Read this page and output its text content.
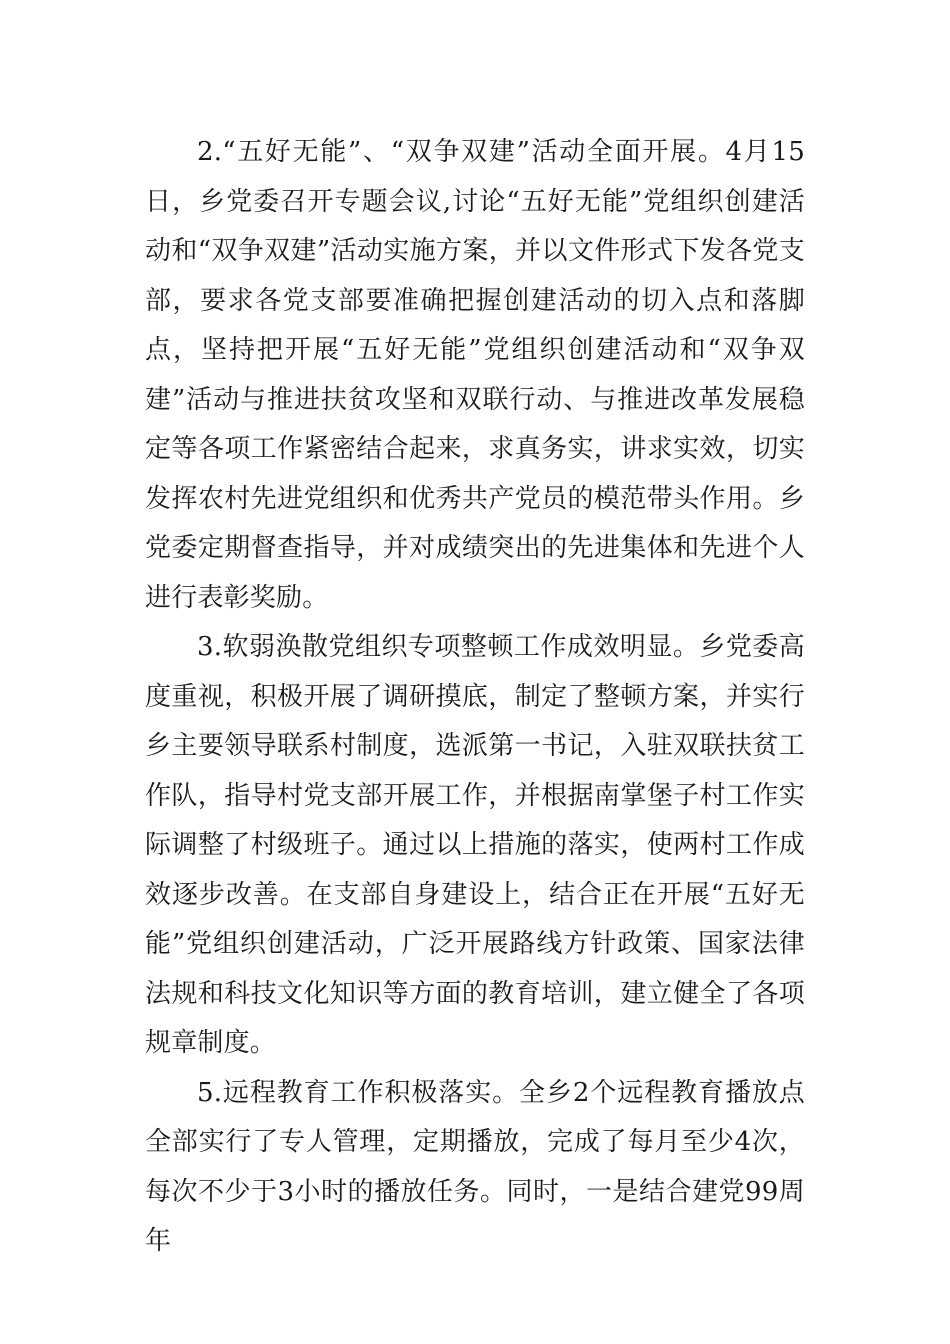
2.“五好无能”、“双争双建”活动全面开展。4月15日，乡党委召开专题会议,讨论“五好无能”党组织创建活动和“双争双建”活动实施方案，并以文件形式下发各党支部，要求各党支部要准确把握创建活动的切入点和落脚点，坚持把开展“五好无能”党组织创建活动和“双争双建”活动与推进扶贫攻坚和双联行动、与推进改革发展稳定等各项工作紧密结合起来，求真务实，讲求实效，切实发挥农村先进党组织和优秀共产党员的模范带头作用。乡党委定期督查指导，并对成绩突出的先进集体和先进个人进行表彰奖励。

3.软弱涣散党组织专项整顿工作成效明显。乡党委高度重视，积极开展了调研摸底，制定了整顿方案，并实行乡主要领导联系村制度，选派第一书记，入驻双联扶贫工作队，指导村党支部开展工作，并根据南掌堡子村工作实际调整了村级班子。通过以上措施的落实，使两村工作成效逐步改善。在支部自身建设上，结合正在开展“五好无能”党组织创建活动，广泛开展路线方针政策、国家法律法规和科技文化知识等方面的教育培训，建立健全了各项规章制度。

5.远程教育工作积极落实。全乡2个远程教育播放点全部实行了专人管理，定期播放，完成了每月至少4次，每次不少于3小时的播放任务。同时，一是结合建党99周年
